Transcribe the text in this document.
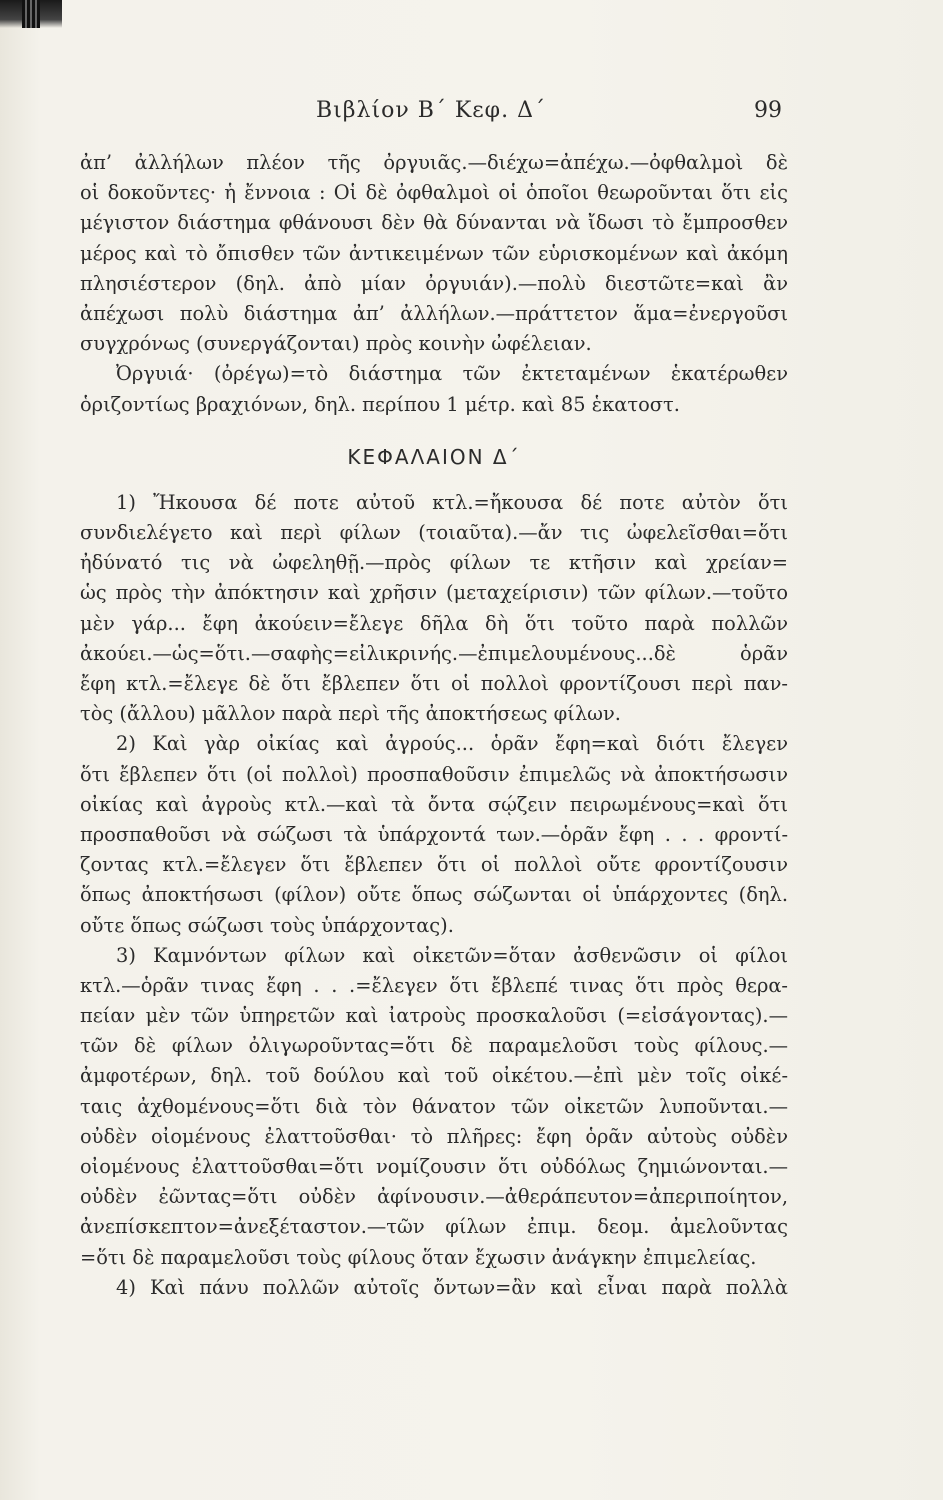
Βιβλίον Β΄ Κεφ. Δ΄	99
ἀπ’ ἀλλήλων πλέον τῆς ὀργυιᾶς.—διέχω=ἀπέχω.—ὀφθαλμοὶ δὲ
οἱ δοκοῦντες· ἡ ἔννοια : Οἱ δὲ ὀφθαλμοὶ οἱ ὁποῖοι θεωροῦνται ὅτι εἰς
μέγιστον διάστημα φθάνουσι δὲν θὰ δύνανται νὰ ἴδωσι τὸ ἔμπροσθεν
μέρος καὶ τὸ ὄπισθεν τῶν ἀντικειμένων τῶν εὑρισκομένων καὶ ἀκόμη
πλησιέστερον (δηλ. ἀπὸ μίαν ὀργυιάν).—πολὺ διεστῶτε=καὶ ἂν
ἀπέχωσι πολὺ διάστημα ἀπ’ ἀλλήλων.—πράττετον ἅμα=ἐνεργοῦσι
συγχρόνως (συνεργάζονται) πρὸς κοινὴν ὠφέλειαν.
Ὀργυιά· (ὀρέγω)=τὸ διάστημα τῶν ἐκτεταμένων ἑκατέρωθεν
ὁριζοντίως βραχιόνων, δηλ. περίπου 1 μέτρ. καὶ 85 ἑκατοστ.
ΚΕΦΑΛΑΙΟΝ Δ΄
1) Ἤκουσα δέ ποτε αὐτοῦ κτλ.=ἤκουσα δέ ποτε αὐτὸν ὅτι
συνδιελέγετο καὶ περὶ φίλων (τοιαῦτα).—ἄν τις ὠφελεῖσθαι=ὅτι
ἠδύνατό τις νὰ ὠφεληθῇ.—πρὸς φίλων τε κτῆσιν καὶ χρείαν=
ὡς πρὸς τὴν ἀπόκτησιν καὶ χρῆσιν (μεταχείρισιν) τῶν φίλων.—τοῦτο
μὲν γάρ... ἔφη ἀκούειν=ἔλεγε δῆλα δὴ ὅτι τοῦτο παρὰ πολλῶν
ἀκούει.—ὡς=ὅτι.—σαφὴς=εἰλικρινής.—ἐπιμελουμένους...δὲ ὁρᾶν
ἔφη κτλ.=ἔλεγε δὲ ὅτι ἔβλεπεν ὅτι οἱ πολλοὶ φροντίζουσι περὶ παν-
τὸς (ἄλλου) μᾶλλον παρὰ περὶ τῆς ἀποκτήσεως φίλων.
2) Καὶ γὰρ οἰκίας καὶ ἀγρούς... ὁρᾶν ἔφη=καὶ διότι ἔλεγεν
ὅτι ἔβλεπεν ὅτι (οἱ πολλοὶ) προσπαθοῦσιν ἐπιμελῶς νὰ ἀποκτήσωσιν
οἰκίας καὶ ἀγροὺς κτλ.—καὶ τὰ ὄντα σῴζειν πειρωμένους=καὶ ὅτι
προσπαθοῦσι νὰ σώζωσι τὰ ὑπάρχοντά των.—ὁρᾶν ἔφη . . . φροντί-
ζοντας κτλ.=ἔλεγεν ὅτι ἔβλεπεν ὅτι οἱ πολλοὶ οὔτε φροντίζουσιν
ὅπως ἀποκτήσωσι (φίλον) οὔτε ὅπως σώζωνται οἱ ὑπάρχοντες (δηλ.
οὔτε ὅπως σώζωσι τοὺς ὑπάρχοντας).
3) Καμνόντων φίλων καὶ οἰκετῶν=ὅταν ἀσθενῶσιν οἱ φίλοι
κτλ.—ὁρᾶν τινας ἔφη . . .=ἔλεγεν ὅτι ἔβλεπέ τινας ὅτι πρὸς θερα-
πείαν μὲν τῶν ὑπηρετῶν καὶ ἰατροὺς προσκαλοῦσι (=εἰσάγοντας).—
τῶν δὲ φίλων ὀλιγωροῦντας=ὅτι δὲ παραμελοῦσι τοὺς φίλους.—
ἀμφοτέρων, δηλ. τοῦ δούλου καὶ τοῦ οἰκέτου.—ἐπὶ μὲν τοῖς οἰκέ-
ταις ἀχθομένους=ὅτι διὰ τὸν θάνατον τῶν οἰκετῶν λυποῦνται.—
οὐδὲν οἰομένους ἐλαττοῦσθαι· τὸ πλῆρες: ἔφη ὁρᾶν αὐτοὺς οὐδὲν
οἰομένους ἐλαττοῦσθαι=ὅτι νομίζουσιν ὅτι οὐδόλως ζημιώνονται.—
οὐδὲν ἐῶντας=ὅτι οὐδὲν ἀφίνουσιν.—ἀθεράπευτον=ἀπεριποίητον,
ἀνεπίσκεπτον=ἀνεξέταστον.—τῶν φίλων ἐπιμ. δεομ. ἀμελοῦντας
=ὅτι δὲ παραμελοῦσι τοὺς φίλους ὅταν ἔχωσιν ἀνάγκην ἐπιμελείας.
4) Καὶ πάνυ πολλῶν αὐτοῖς ὄντων=ἂν καὶ εἶναι παρὰ πολλὰ
